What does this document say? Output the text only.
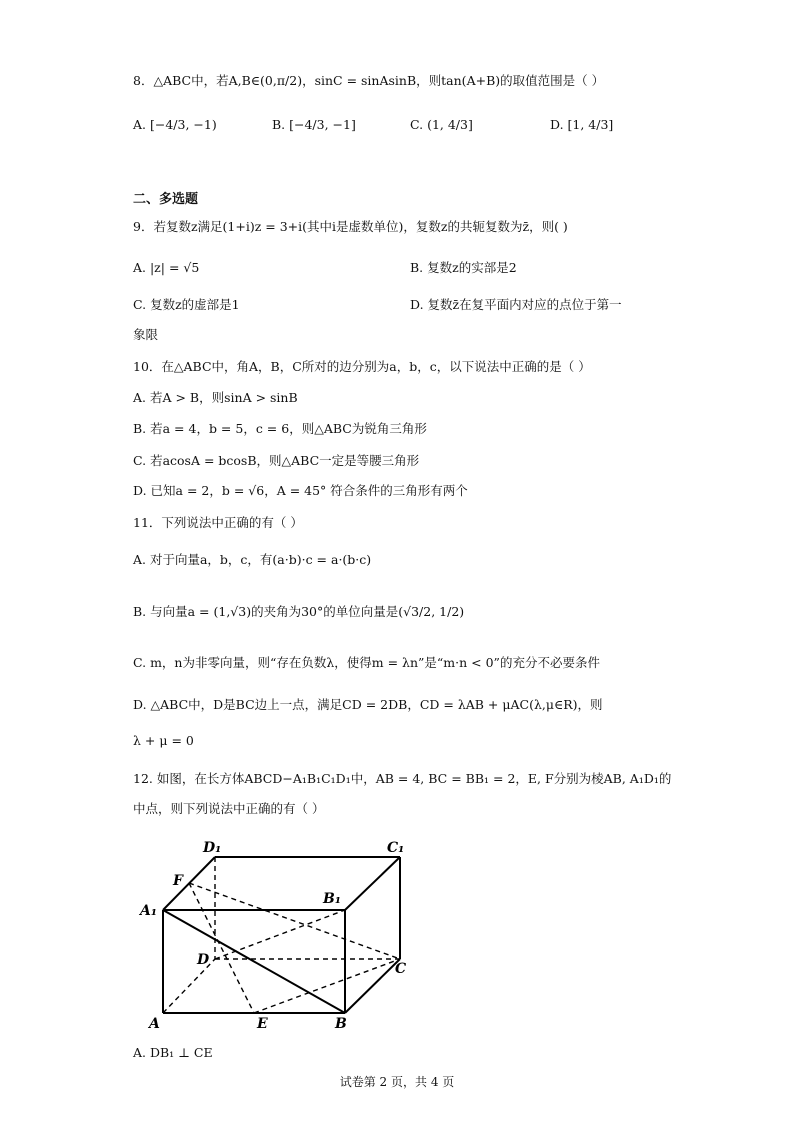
8．△ABC中，若A,B∈(0,π/2)，sinC = sinAsinB，则tan(A+B)的取值范围是（ ）
A. [−4/3, −1)	B. [−4/3, −1]	C. (1, 4/3]	D. [1, 4/3]
二、多选题
9．若复数z满足(1+i)z = 3+i(其中i是虚数单位)，复数z的共轭复数为z̄，则( )
A. |z| = √5	B. 复数z的实部是2
C. 复数z的虚部是1	D. 复数z̄在复平面内对应的点位于第一
象限
10．在△ABC中，角A，B，C所对的边分别为a，b，c，以下说法中正确的是（ ）
A. 若A > B，则sinA > sinB
B. 若a = 4，b = 5，c = 6，则△ABC为锐角三角形
C. 若acosA = bcosB，则△ABC一定是等腰三角形
D. 已知a = 2，b = √6，A = 45° 符合条件的三角形有两个
11．下列说法中正确的有（ ）
A. 对于向量a，b，c，有(a·b)·c = a·(b·c)
B. 与向量a = (1,√3)的夹角为30°的单位向量是(√3/2, 1/2)
C. m，n为非零向量，则“存在负数λ，使得m = λn”是“m·n < 0”的充分不必要条件
D. △ABC中，D是BC边上一点，满足CD = 2DB，CD = λAB + μAC(λ,μ∈R)，则
λ + μ = 0
12. 如图，在长方体ABCD−A₁B₁C₁D₁中，AB = 4, BC = BB₁ = 2，E, F分别为棱AB, A₁D₁的
中点，则下列说法中正确的有（ ）
D₁	C₁
F
B₁
A₁
D
C
A	E	B
A. DB₁ ⊥ CE
试卷第 2 页，共 4 页
